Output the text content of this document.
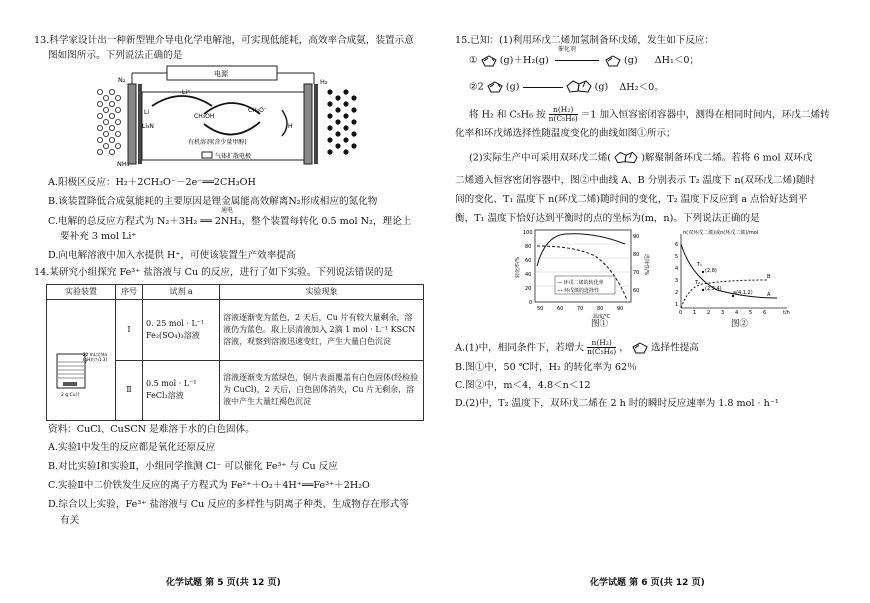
13.科学家设计出一种新型锂介导电化学电解池，可实现低能耗，高效率合成氨，装置示意
图如图所示。下列说法正确的是
电源
N₂	H₂
NH₃
Li⁺
Li
Li₃N
CH₃OH
CH₃O⁻
H
有机溶剂(含少量甲醇)
气体扩散电极
A.阳极区反应：H₂＋2CH₃O⁻－2e⁻══2CH₃OH
B.该装置降低合成氨能耗的主要原因是锂金属能高效解离N₂形成相应的氮化物
C.电解的总反应方程式为 N₂＋3H₂ ══ 2NH₃，整个装置每转化 0.5 mol N₂，理论上
通电
要补充 3 mol Li⁺
D.向电解溶液中加入水提供 H⁺，可使该装置生产效率提高
14.某研究小组探究 Fe³⁺ 盐溶液与 Cu 的反应，进行了如下实验。下列说法错误的是
实验装置	序号	试剂 a	实验现象

20 mL试剂a
(pH约为1.3)
2 g Cu片	Ⅰ	0. 25 mol · L⁻¹ Fe₂(SO₄)₃溶液	溶液逐渐变为蓝色，2 天后，Cu 片有较大量剩余，溶液仍为蓝色。取上层清液加入 2滴 1 mol · L⁻¹ KSCN 溶液，观察到溶液迅速变红，产生大量白色沉淀
	Ⅱ	0.5 mol · L⁻¹ FeCl₃溶液	溶液逐渐变为蓝绿色，铜片表面覆盖有白色固体(经检验为 CuCl)，2 天后，白色固体消失，Cu 片无剩余，溶液中产生大量红褐色沉淀
资料：CuCl、CuSCN 是难溶于水的白色固体。
A.实验Ⅰ中发生的反应都是氧化还原反应
B.对比实验Ⅰ和实验Ⅱ，小组同学推测 Cl⁻ 可以催化 Fe³⁺ 与 Cu 反应
C.实验Ⅱ中二价铁发生反应的离子方程式为 Fe²⁺＋O₂＋4H⁺══Fe³⁺＋2H₂O
D.综合以上实验，Fe³⁺ 盐溶液与 Cu 反应的多样性与阴离子种类、生成物存在形式等
有关
15.已知：(1)利用环戊二烯加氢制备环戊烯，发生如下反应：
① (g)＋H₂(g)
催化剂
(g) ΔH₁＜0；
②2 (g)	(g) ΔH₂＜0。
将 H₂ 和 C₅H₆ 按 $\frac{\text{n(H₂)}}{\text{n(C₅H₆)}} =1$ 加入恒容密闭容器中，测得在相同时间内，环戊二烯转
化率和环戊烯选择性随温度变化的曲线如图①所示；
(2)实际生产中可采用双环戊二烯(	)解聚制备环戊二烯。若将 6 mol 双环戊
二烯通入恒容密闭容器中，图②中曲线 A、B 分别表示 T₂ 温度下 n(双环戊二烯)随时
间的变化、T₁ 温度下 n(环戊二烯)随时间的变化，T₂ 温度下反应到 a 点恰好达到平
衡，T₁ 温度下恰好达到平衡时的点的坐标为(m，n)。下列说法正确的是
— 环戊二烯的转化率
--- 环戊烯的选择性
100
80
60
40
20
0
90
80
70
60
50	60	70	80	90
温度/℃
转化率/%	选择性/%
图①
n(双环戊二烯)或n(环戊二烯)/mol
(2,8)
(2,2.4)
a(4,1.2)
T₁
T₂
A
B
6
5
4
3
2
1
0 1 2 3 4 5 6	t/h
图②
A.(1)中，相同条件下，若增大 $\frac{\text{n(H₂)}}{\text{n(C₅H₆)}}$ ， 选择性提高
B.图①中，50 ℃时，H₂ 的转化率为 62％
C.图②中，m＜4，4.8＜n＜12
D.(2)中，T₂ 温度下，双环戊二烯在 2 h 时的瞬时反应速率为 1.8 mol · h⁻¹
化学试题 第 5 页(共 12 页)	化学试题 第 6 页(共 12 页)
